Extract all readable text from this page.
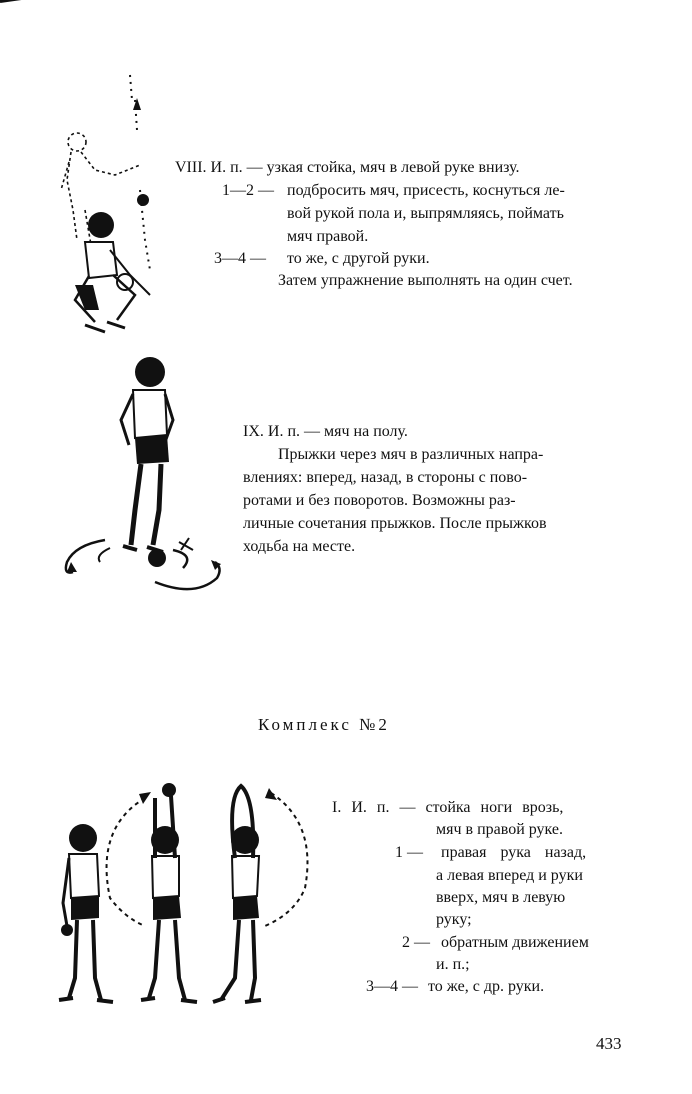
VIII. И. п. — узкая стойка, мяч в левой руке внизу.
1—2 — подбросить мяч, присесть, коснуться ле-
вой рукой пола и, выпрямляясь, поймать
мяч правой.
3—4 — то же, с другой руки.
Затем упражнение выполнять на один счет.
IX. И. п. — мяч на полу.
Прыжки через мяч в различных напра-
влениях: вперед, назад, в стороны с пово-
ротами и без поворотов. Возможны раз-
личные сочетания прыжков. После прыжков
ходьба на месте.
Комплекс №2
I. И. п. — стойка ноги врозь,
мяч в правой руке.
1 — правая рука назад,
а левая вперед и руки
вверх, мяч в левую
руку;
2 — обратным движением
и. п.;
3—4 — то же, с др. руки.
433
